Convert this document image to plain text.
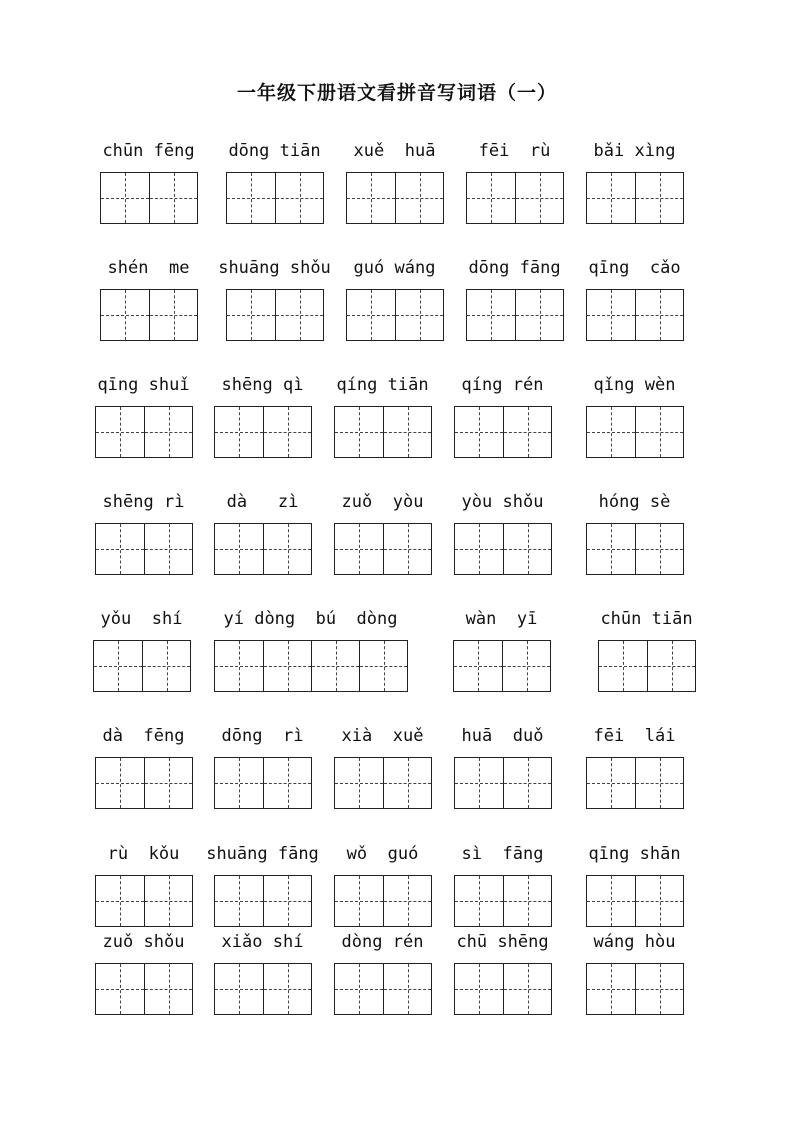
一年级下册语文看拼音写词语（一）
chūn fēng	dōng tiān	xuě  huā	fēi  rù	bǎi xìng
shén  me	shuāng shǒu	guó wáng	dōng fāng	qīng  cǎo
qīng shuǐ	shēng qì	qíng tiān	qíng rén	qǐng wèn
shēng rì	dà   zì	zuǒ  yòu	yòu shǒu	hóng sè
yǒu  shí	yí dòng  bú  dòng	wàn  yī	chūn tiān
dà  fēng	dōng  rì	xià  xuě	huā  duǒ	fēi  lái
rù  kǒu	shuāng fāng	wǒ  guó	sì  fāng	qīng shān
zuǒ shǒu	xiǎo shí	dòng rén	chū shēng	wáng hòu
